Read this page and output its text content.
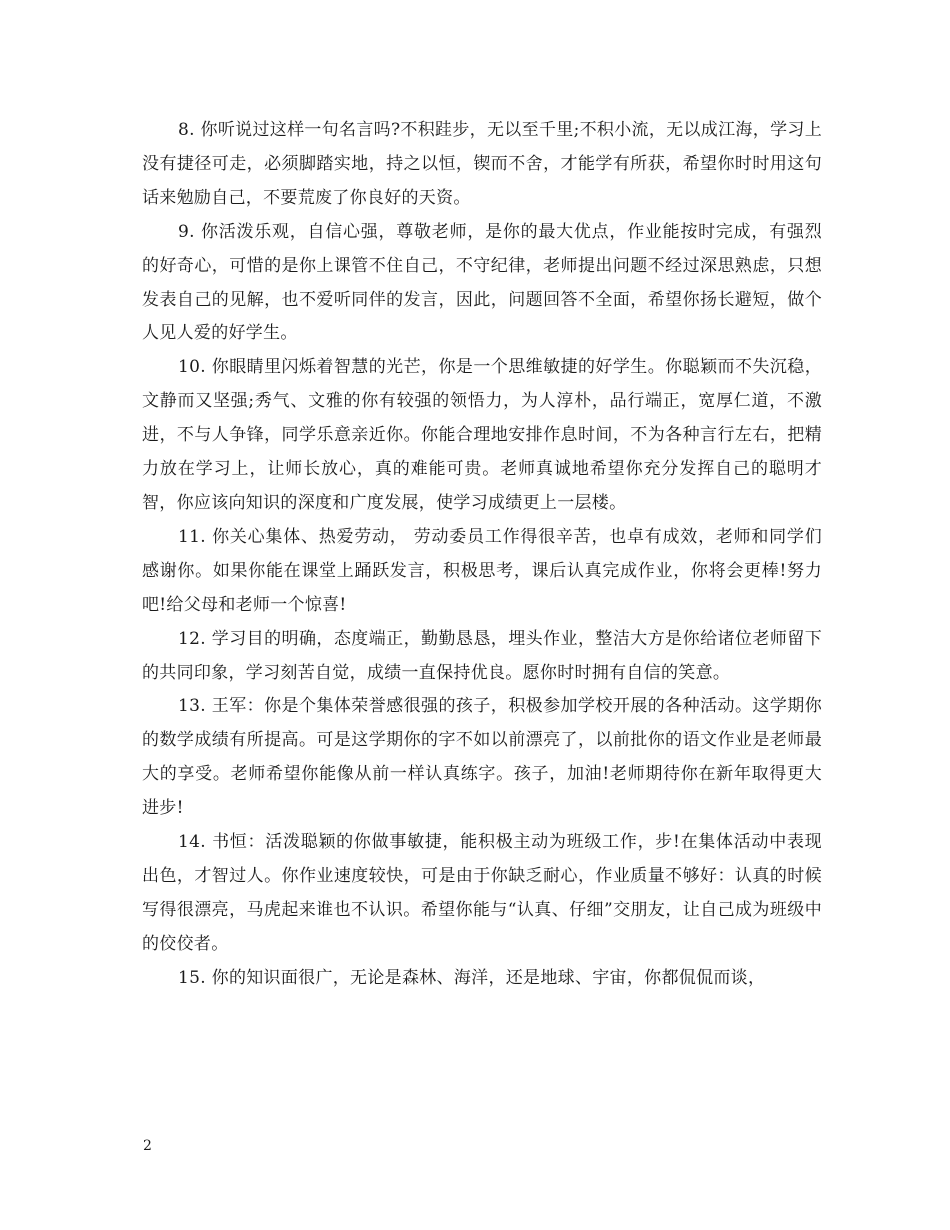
8. 你听说过这样一句名言吗?不积跬步，无以至千里;不积小流，无以成江海，学习上没有捷径可走，必须脚踏实地，持之以恒，锲而不舍，才能学有所获，希望你时时用这句话来勉励自己，不要荒废了你良好的天资。

9. 你活泼乐观，自信心强，尊敬老师，是你的最大优点，作业能按时完成，有强烈的好奇心，可惜的是你上课管不住自己，不守纪律，老师提出问题不经过深思熟虑，只想发表自己的见解，也不爱听同伴的发言，因此，问题回答不全面，希望你扬长避短，做个人见人爱的好学生。

10. 你眼睛里闪烁着智慧的光芒，你是一个思维敏捷的好学生。你聪颖而不失沉稳，文静而又坚强;秀气、文雅的你有较强的领悟力，为人淳朴，品行端正，宽厚仁道，不激进，不与人争锋，同学乐意亲近你。你能合理地安排作息时间，不为各种言行左右，把精力放在学习上，让师长放心，真的难能可贵。老师真诚地希望你充分发挥自己的聪明才智，你应该向知识的深度和广度发展，使学习成绩更上一层楼。

11. 你关心集体、热爱劳动， 劳动委员工作得很辛苦，也卓有成效，老师和同学们感谢你。如果你能在课堂上踊跃发言，积极思考，课后认真完成作业，你将会更棒!努力吧!给父母和老师一个惊喜!

12. 学习目的明确，态度端正，勤勤恳恳，埋头作业，整洁大方是你给诸位老师留下的共同印象，学习刻苦自觉，成绩一直保持优良。愿你时时拥有自信的笑意。

13. 王军：你是个集体荣誉感很强的孩子，积极参加学校开展的各种活动。这学期你的数学成绩有所提高。可是这学期你的字不如以前漂亮了，以前批你的语文作业是老师最大的享受。老师希望你能像从前一样认真练字。孩子，加油!老师期待你在新年取得更大进步!

14. 书恒：活泼聪颖的你做事敏捷，能积极主动为班级工作，步!在集体活动中表现出色，才智过人。你作业速度较快，可是由于你缺乏耐心，作业质量不够好：认真的时候写得很漂亮，马虎起来谁也不认识。希望你能与“认真、仔细”交朋友，让自己成为班级中的佼佼者。

15. 你的知识面很广，无论是森林、海洋，还是地球、宇宙，你都侃侃而谈，

2
